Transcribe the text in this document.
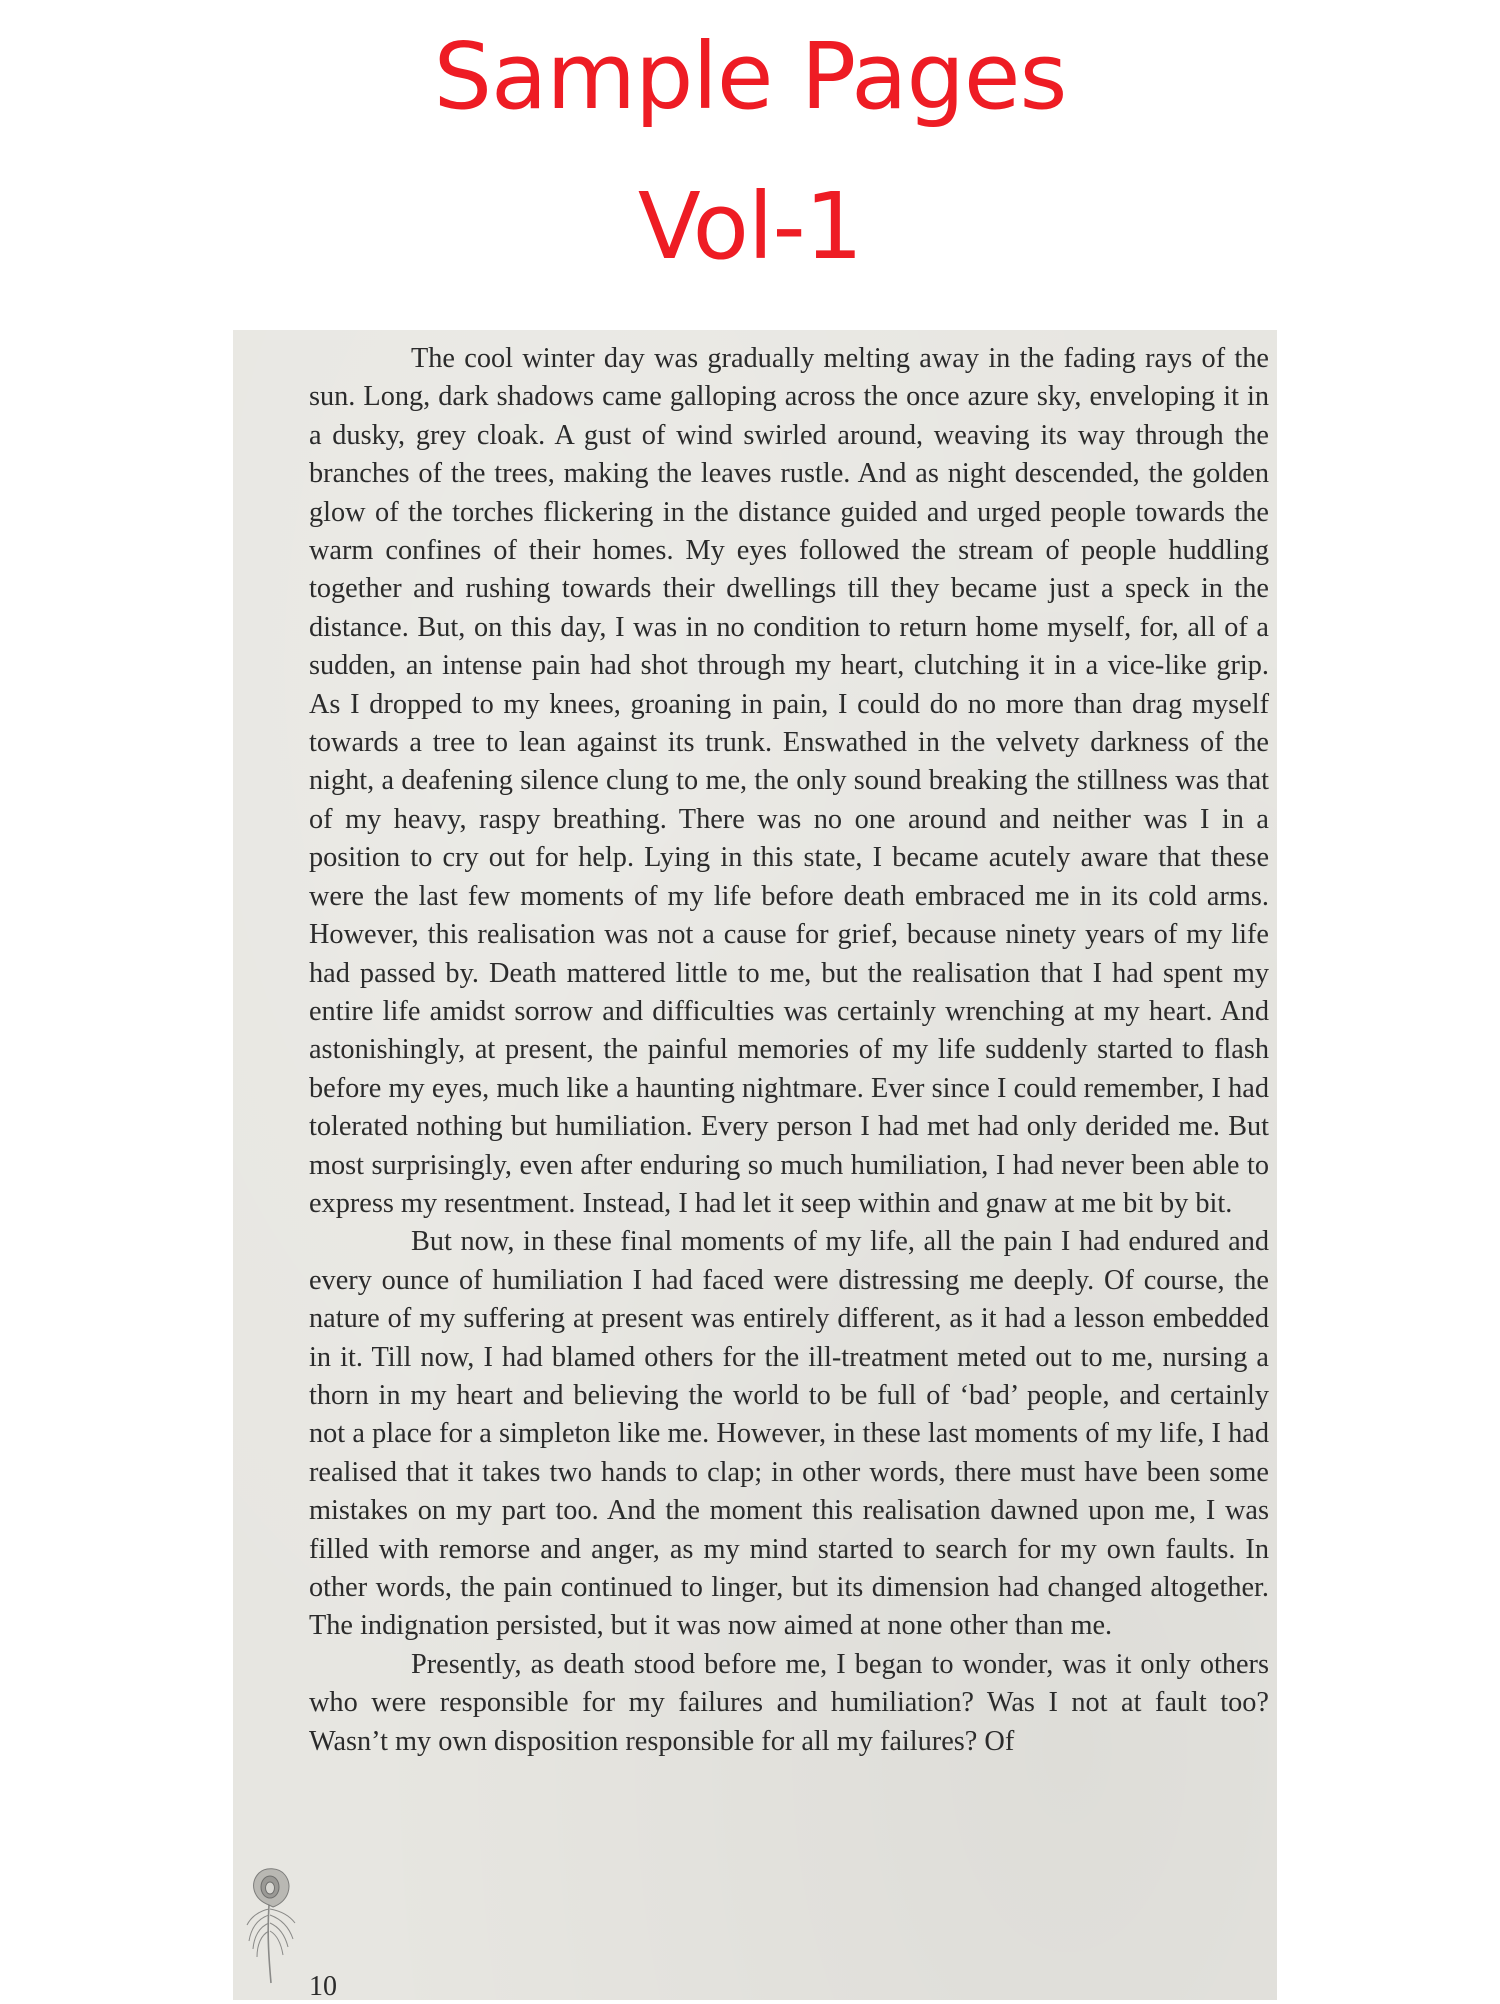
Sample Pages
Vol-1

The cool winter day was gradually melting away in the fading rays of the sun. Long, dark shadows came galloping across the once azure sky, enveloping it in a dusky, grey cloak. A gust of wind swirled around, weaving its way through the branches of the trees, making the leaves rustle. And as night descended, the golden glow of the torches flickering in the distance guided and urged people towards the warm confines of their homes. My eyes followed the stream of people huddling together and rushing towards their dwellings till they became just a speck in the distance. But, on this day, I was in no condition to return home myself, for, all of a sudden, an intense pain had shot through my heart, clutching it in a vice-like grip. As I dropped to my knees, groaning in pain, I could do no more than drag myself towards a tree to lean against its trunk. Enswathed in the velvety darkness of the night, a deafening silence clung to me, the only sound breaking the stillness was that of my heavy, raspy breathing. There was no one around and neither was I in a position to cry out for help. Lying in this state, I became acutely aware that these were the last few moments of my life before death embraced me in its cold arms. However, this realisation was not a cause for grief, because ninety years of my life had passed by. Death mattered little to me, but the realisation that I had spent my entire life amidst sorrow and difficulties was certainly wrenching at my heart. And astonishingly, at present, the painful memories of my life suddenly started to flash before my eyes, much like a haunting nightmare. Ever since I could remember, I had tolerated nothing but humiliation. Every person I had met had only derided me. But most surprisingly, even after enduring so much humiliation, I had never been able to express my resentment. Instead, I had let it seep within and gnaw at me bit by bit.

But now, in these final moments of my life, all the pain I had endured and every ounce of humiliation I had faced were distressing me deeply. Of course, the nature of my suffering at present was entirely different, as it had a lesson embedded in it. Till now, I had blamed others for the ill-treatment meted out to me, nursing a thorn in my heart and believing the world to be full of ‘bad’ people, and certainly not a place for a simpleton like me. However, in these last moments of my life, I had realised that it takes two hands to clap; in other words, there must have been some mistakes on my part too. And the moment this realisation dawned upon me, I was filled with remorse and anger, as my mind started to search for my own faults. In other words, the pain continued to linger, but its dimension had changed altogether. The indignation persisted, but it was now aimed at none other than me.

Presently, as death stood before me, I began to wonder, was it only others who were responsible for my failures and humiliation? Was I not at fault too? Wasn’t my own disposition responsible for all my failures? Of

10
